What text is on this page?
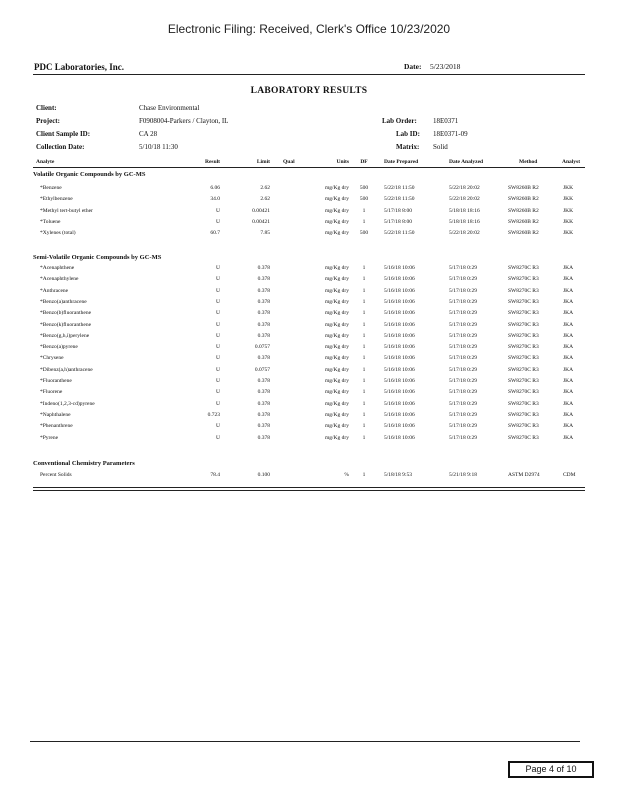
Electronic Filing: Received, Clerk's Office 10/23/2020
PDC Laboratories, Inc.	Date: 5/23/2018
LABORATORY RESULTS
Client:	Chase Environmental
Project:	F0908004-Parkers / Clayton, IL
Client Sample ID:	CA 28
Collection Date:	5/10/18 11:30
Lab Order: 18E0371
Lab ID: 18E0371-09
Matrix: Solid
Analyte	Result	Limit Qual	Units	DF	Date Prepared	Date Analyzed	Method	Analyst
Volatile Organic Compounds by GC-MS
*Benzene	6.06	2.62	mg/Kg dry	500	5/22/18 11:50	5/22/18 20:02	SW8260B R2	JKK
*Ethylbenzene	34.0	2.62	mg/Kg dry	500	5/22/18 11:50	5/22/18 20:02	SW8260B R2	JKK
*Methyl tert-butyl ether	U	0.00421	mg/Kg dry	1	5/17/18 8:00	5/18/18 18:16	SW8260B R2	JKK
*Toluene	U	0.00421	mg/Kg dry	1	5/17/18 8:00	5/18/18 18:16	SW8260B R2	JKK
*Xylenes (total)	60.7	7.85	mg/Kg dry	500	5/22/18 11:50	5/22/18 20:02	SW8260B R2	JKK
Semi-Volatile Organic Compounds by GC-MS
*Acenaphthene	U	0.378	mg/Kg dry	1	5/16/18 10:06	5/17/18 0:29	SW8270C R3	JKA
*Acenaphthylene	U	0.378	mg/Kg dry	1	5/16/18 10:06	5/17/18 0:29	SW8270C R3	JKA
*Anthracene	U	0.378	mg/Kg dry	1	5/16/18 10:06	5/17/18 0:29	SW8270C R3	JKA
*Benzo(a)anthracene	U	0.378	mg/Kg dry	1	5/16/18 10:06	5/17/18 0:29	SW8270C R3	JKA
*Benzo(b)fluoranthene	U	0.378	mg/Kg dry	1	5/16/18 10:06	5/17/18 0:29	SW8270C R3	JKA
*Benzo(k)fluoranthene	U	0.378	mg/Kg dry	1	5/16/18 10:06	5/17/18 0:29	SW8270C R3	JKA
*Benzo(g,h,i)perylene	U	0.378	mg/Kg dry	1	5/16/18 10:06	5/17/18 0:29	SW8270C R3	JKA
*Benzo(a)pyrene	U	0.0757	mg/Kg dry	1	5/16/18 10:06	5/17/18 0:29	SW8270C R3	JKA
*Chrysene	U	0.378	mg/Kg dry	1	5/16/18 10:06	5/17/18 0:29	SW8270C R3	JKA
*Dibenz(a,h)anthracene	U	0.0757	mg/Kg dry	1	5/16/18 10:06	5/17/18 0:29	SW8270C R3	JKA
*Fluoranthene	U	0.378	mg/Kg dry	1	5/16/18 10:06	5/17/18 0:29	SW8270C R3	JKA
*Fluorene	U	0.378	mg/Kg dry	1	5/16/18 10:06	5/17/18 0:29	SW8270C R3	JKA
*Indeno(1,2,3-cd)pyrene	U	0.378	mg/Kg dry	1	5/16/18 10:06	5/17/18 0:29	SW8270C R3	JKA
*Naphthalene	0.723	0.378	mg/Kg dry	1	5/16/18 10:06	5/17/18 0:29	SW8270C R3	JKA
*Phenanthrene	U	0.378	mg/Kg dry	1	5/16/18 10:06	5/17/18 0:29	SW8270C R3	JKA
*Pyrene	U	0.378	mg/Kg dry	1	5/16/18 10:06	5/17/18 0:29	SW8270C R3	JKA
Conventional Chemistry Parameters
Percent Solids	78.4	0.100	%	1	5/18/18 9:53	5/21/18 9:18	ASTM D2974	CDM
Page 4 of 10
